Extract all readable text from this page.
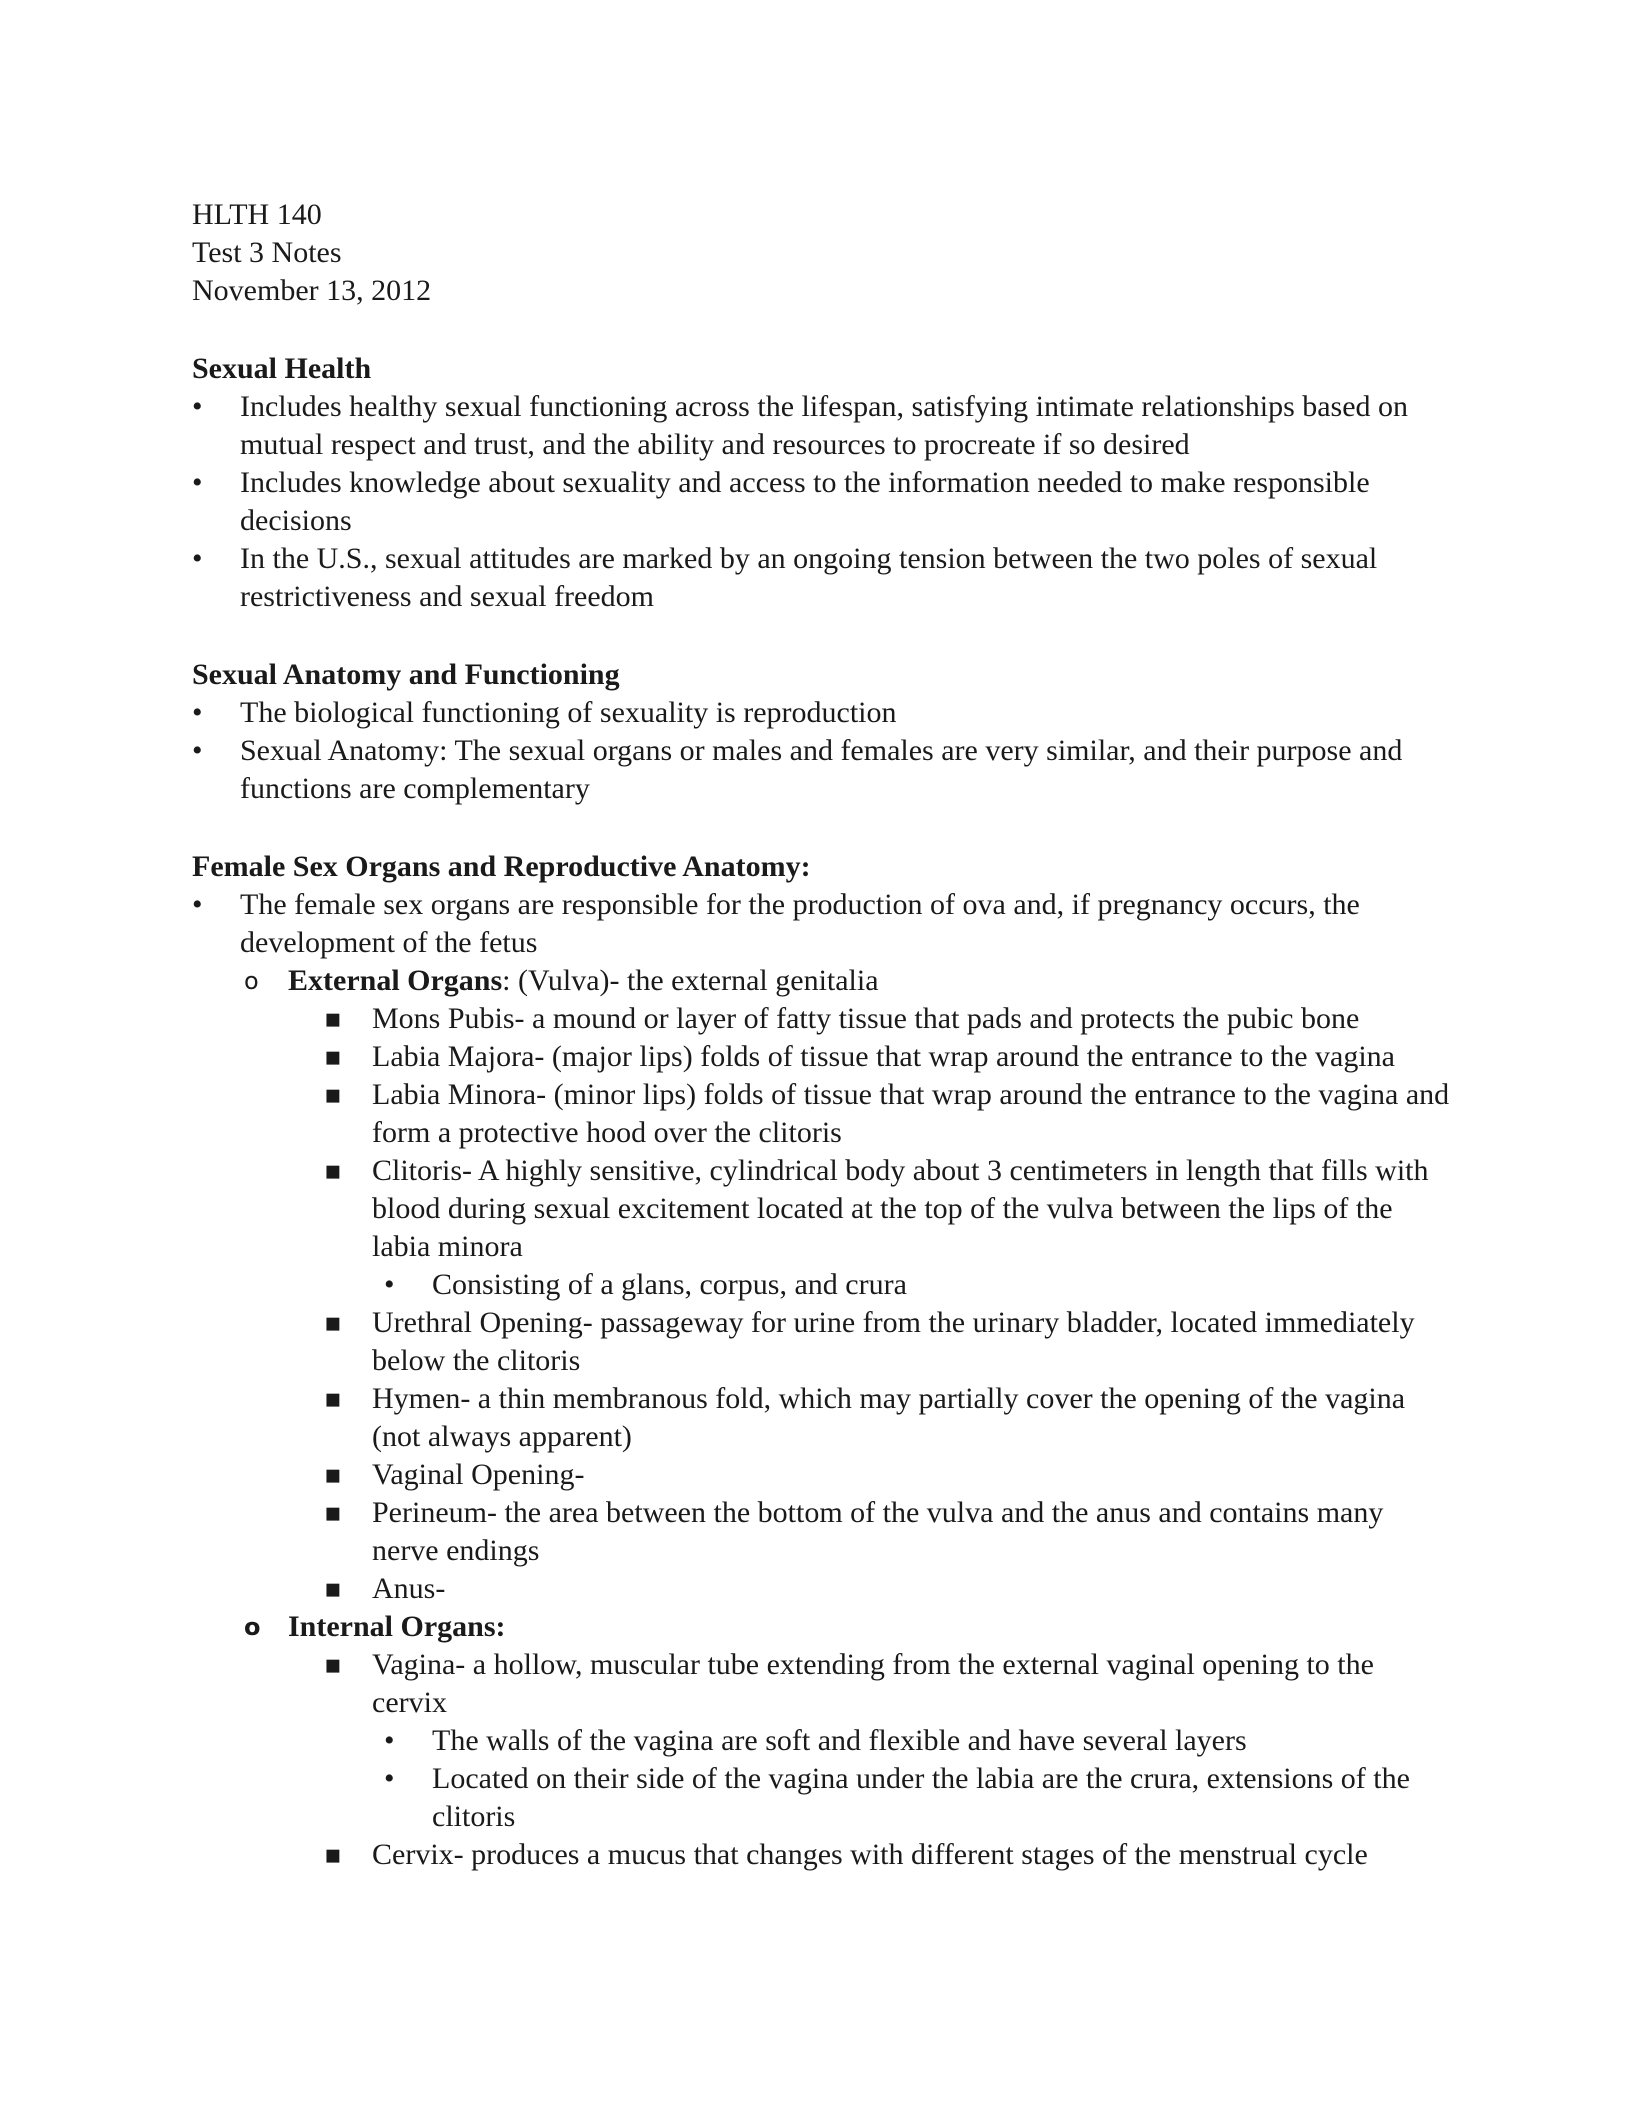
HLTH 140

Test 3 Notes

November 13, 2012

Sexual Health

• Includes healthy sexual functioning across the lifespan, satisfying intimate relationships based on mutual respect and trust, and the ability and resources to procreate if so desired
• Includes knowledge about sexuality and access to the information needed to make responsible decisions
• In the U.S., sexual attitudes are marked by an ongoing tension between the two poles of sexual restrictiveness and sexual freedom

Sexual Anatomy and Functioning

• The biological functioning of sexuality is reproduction
• Sexual Anatomy: The sexual organs or males and females are very similar, and their purpose and functions are complementary

Female Sex Organs and Reproductive Anatomy:

• The female sex organs are responsible for the production of ova and, if pregnancy occurs, the development of the fetus
o External Organs: (Vulva)- the external genitalia
▪ Mons Pubis- a mound or layer of fatty tissue that pads and protects the pubic bone
▪ Labia Majora- (major lips) folds of tissue that wrap around the entrance to the vagina
▪ Labia Minora- (minor lips) folds of tissue that wrap around the entrance to the vagina and form a protective hood over the clitoris
▪ Clitoris- A highly sensitive, cylindrical body about 3 centimeters in length that fills with blood during sexual excitement located at the top of the vulva between the lips of the labia minora
• Consisting of a glans, corpus, and crura
▪ Urethral Opening- passageway for urine from the urinary bladder, located immediately below the clitoris
▪ Hymen- a thin membranous fold, which may partially cover the opening of the vagina (not always apparent)
▪ Vaginal Opening-
▪ Perineum- the area between the bottom of the vulva and the anus and contains many nerve endings
▪ Anus-
o Internal Organs:
▪ Vagina- a hollow, muscular tube extending from the external vaginal opening to the cervix
• The walls of the vagina are soft and flexible and have several layers
• Located on their side of the vagina under the labia are the crura, extensions of the clitoris
▪ Cervix- produces a mucus that changes with different stages of the menstrual cycle
